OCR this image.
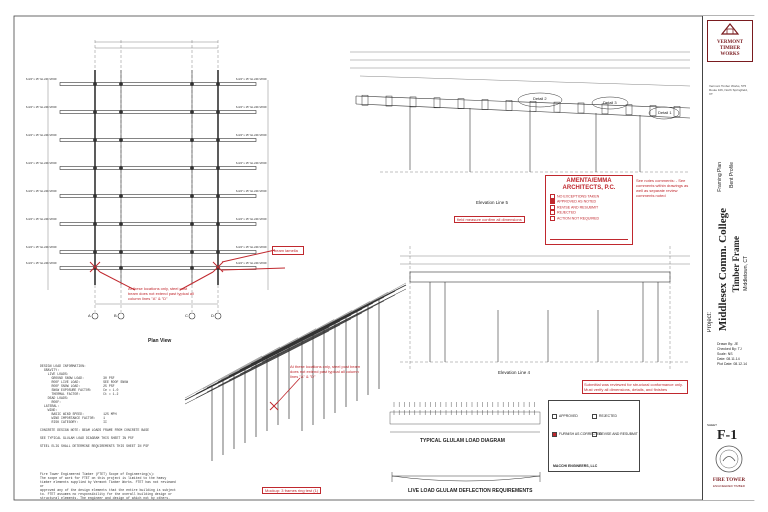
Plan View
A	B	C	D
6-3/4" x 15" GL 24F-V8 DF	6-3/4" x 15" GL 24F-V8 DF
6-3/4" x 15" GL 24F-V8 DF	6-3/4" x 15" GL 24F-V8 DF
6-3/4" x 15" GL 24F-V8 DF	6-3/4" x 15" GL 24F-V8 DF
6-3/4" x 15" GL 24F-V8 DF	6-3/4" x 15" GL 24F-V8 DF
6-3/4" x 15" GL 24F-V8 DF	6-3/4" x 15" GL 24F-V8 DF
6-3/4" x 15" GL 24F-V8 DF	6-3/4" x 15" GL 24F-V8 DF
6-3/4" x 15" GL 24F-V8 DF	6-3/4" x 15" GL 24F-V8 DF
6-3/4" x 15" GL 24F-V8 DF	6-3/4" x 15" GL 24F-V8 DF
beam lamella
At these locations only, steel post beam does not extend past typical all column lines "A" & "D"
Detail 2
Detail 3
Detail 1
Elevation Line 5
field measure confirm all dimensions
AMENTA/EMMA ARCHITECTS, P.C.
NO EXCEPTIONS TAKEN
APPROVED AS NOTED
REVISE AND RESUBMIT
REJECTED
ACTION NOT REQUIRED
See notes comments: - See comments within drawings as well as separate review comments noted
Elevation Line 4
At these locations only, steel post beam does not extend past typical all column lines "A" & "D"
Mockup: 3 frames ring test (1)
TYPICAL GLULAM LOAD DIAGRAM
LIVE LOAD GLULAM DEFLECTION REQUIREMENTS
APPROVED	REJECTEDFURNISH AS CORRECTEDREVISE AND RESUBMIT
MACCHI ENGINEERS, LLC
Submittal was reviewed for structural conformance only. Must verify all dimensions, details, and finishes
DESIGN LOAD INFORMATION:
GRAVITY:
LIVE LOADS:
GROUND SNOW LOAD:          30 PSF
ROOF LIVE LOAD:            SEE ROOF SNOW
ROOF SNOW LOAD:            25 PSF
SNOW EXPOSURE FACTOR:      Ce = 1.0
THERMAL FACTOR:            Ct = 1.2
DEAD LOADS:
ROOF:
LATERAL:
WIND:
BASIC WIND SPEED:          125 MPH
WIND IMPORTANCE FACTOR:    1
RISK CATEGORY:             II

CONCRETE DESIGN NOTE: BEAM LOADS FRAME FROM CONCRETE BASE

SEE TYPICAL GLULAM LOAD DIAGRAM THIS SHEET IN PSF

STEEL ELIG SHALL DETERMINE REQUIREMENTS THIS SHEET IN PSF
Fire Tower Engineered Timber (FTET) Scope of Engineering(s):
The scope of work for FTET on this project is limited to the heavy
timber elements supplied by Vermont Timber Works. FTET has not reviewed or
approved any of the design elements that the entire building is subject
to. FTET assumes no responsibility for the overall building design or
structural elements. The engineer and design of which not by others.
VERMONT
TIMBER
WORKS
Vermont Timber Works, 575 Route 106, North Springfield, VT
Framing Plan Bent Profile
Project: Middlesex Comm. College Timber Frame Middletown, CT
Drawn By: JE
Checked By: TJ
Scale: NS
Date: 08.11.14
Plot Date: 08.12.14
SHEET
F-1
FIRE TOWER
ENGINEERED TIMBER
